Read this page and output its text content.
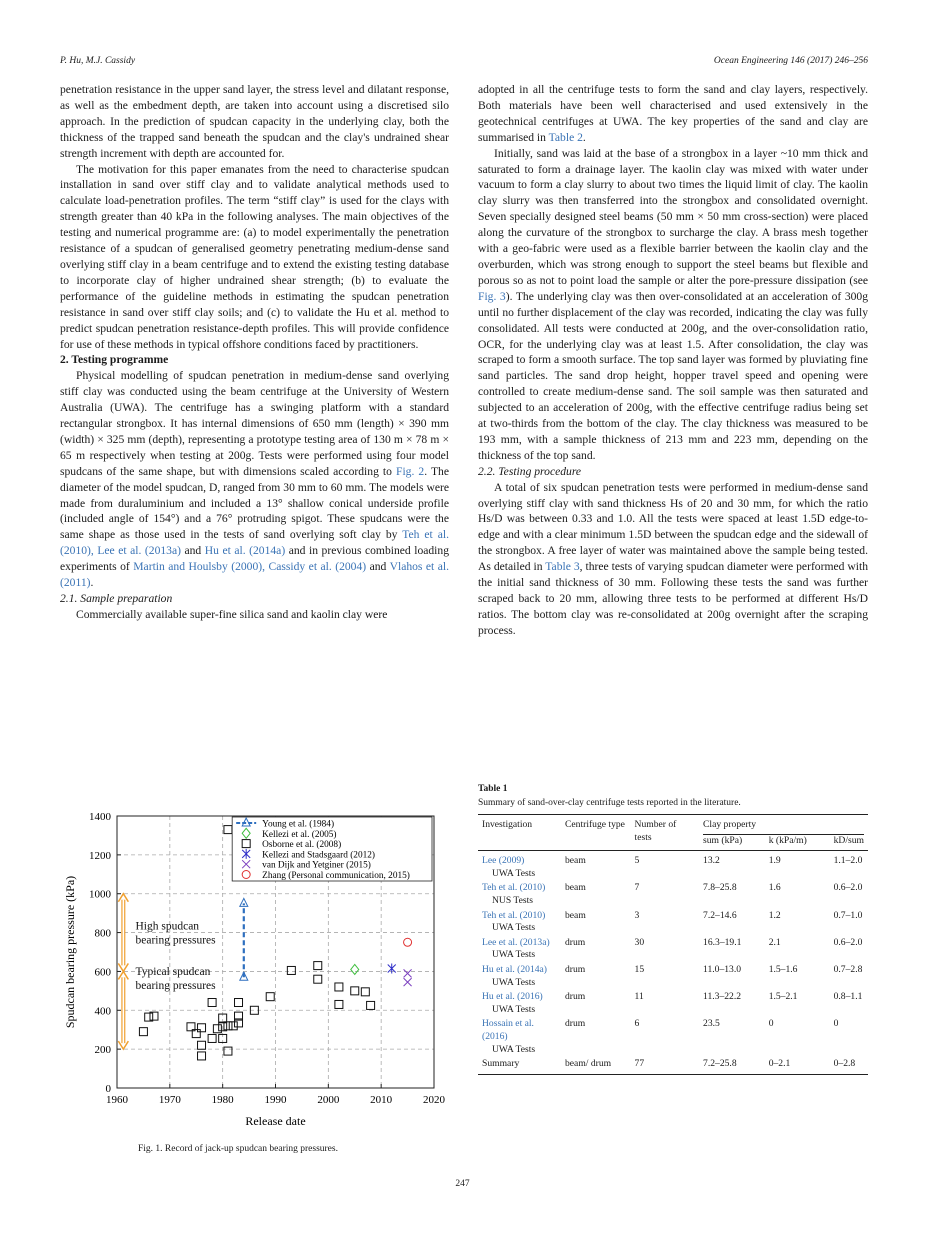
P. Hu, M.J. Cassidy	Ocean Engineering 146 (2017) 246–256

penetration resistance in the upper sand layer, the stress level and dilatant response, as well as the embedment depth, are taken into account using a discretised silo approach. In the prediction of spudcan capacity in the underlying clay, both the thickness of the trapped sand beneath the spudcan and the clay's undrained shear strength increment with depth are accounted for.

The motivation for this paper emanates from the need to characterise spudcan installation in sand over stiff clay and to validate analytical methods used to calculate load-penetration profiles. The term “stiff clay” is used for the clays with strength greater than 40 kPa in the following analyses. The main objectives of the testing and numerical programme are: (a) to model experimentally the penetration resistance of a spudcan of generalised geometry penetrating medium-dense sand overlying stiff clay in a beam centrifuge and to extend the existing testing database to incorporate clay of higher undrained shear strength; (b) to evaluate the performance of the guideline methods in estimating the spudcan penetration resistance in sand over stiff clay soils; and (c) to validate the Hu et al. method to predict spudcan penetration resistance-depth profiles. This will provide confidence for use of these methods in typical offshore conditions faced by practitioners.

2. Testing programme

Physical modelling of spudcan penetration in medium-dense sand overlying stiff clay was conducted using the beam centrifuge at the University of Western Australia (UWA). The centrifuge has a swinging platform with a standard rectangular strongbox. It has internal dimensions of 650 mm (length) × 390 mm (width) × 325 mm (depth), representing a prototype testing area of 130 m × 78 m × 65 m respectively when testing at 200g. Tests were performed using four model spudcans of the same shape, but with dimensions scaled according to Fig. 2. The diameter of the model spudcan, D, ranged from 30 mm to 60 mm. The models were made from duraluminium and included a 13° shallow conical underside profile (included angle of 154°) and a 76° protruding spigot. These spudcans were the same shape as those used in the tests of sand overlying soft clay by Teh et al. (2010), Lee et al. (2013a) and Hu et al. (2014a) and in previous combined loading experiments of Martin and Houlsby (2000), Cassidy et al. (2004) and Vlahos et al. (2011).

2.1. Sample preparation

Commercially available super-fine silica sand and kaolin clay were

adopted in all the centrifuge tests to form the sand and clay layers, respectively. Both materials have been well characterised and used extensively in the geotechnical centrifuges at UWA. The key properties of the sand and clay are summarised in Table 2.

Initially, sand was laid at the base of a strongbox in a layer ~10 mm thick and saturated to form a drainage layer. The kaolin clay was mixed with water under vacuum to form a clay slurry to about two times the liquid limit of clay. The kaolin clay slurry was then transferred into the strongbox and consolidated overnight. Seven specially designed steel beams (50 mm × 50 mm cross-section) were placed along the curvature of the strongbox to surcharge the clay. A brass mesh together with a geo-fabric were used as a flexible barrier between the kaolin clay and the overburden, which was strong enough to support the steel beams but flexible and porous so as not to point load the sample or alter the pore-pressure dissipation (see Fig. 3). The underlying clay was then over-consolidated at an acceleration of 300g until no further displacement of the clay was recorded, indicating the clay was fully consolidated. All tests were conducted at 200g, and the over-consolidation ratio, OCR, for the underlying clay was at least 1.5. After consolidation, the clay was scraped to form a smooth surface. The top sand layer was formed by pluviating fine sand particles. The sand drop height, hopper travel speed and opening were controlled to create medium-dense sand. The soil sample was then saturated and subjected to an acceleration of 200g, with the effective centrifuge radius being set at two-thirds from the bottom of the clay. The clay thickness was measured to be 193 mm, with a sample thickness of 213 mm and 223 mm, depending on the thickness of the top sand.

2.2. Testing procedure

A total of six spudcan penetration tests were performed in medium-dense sand overlying stiff clay with sand thickness Hs of 20 and 30 mm, for which the ratio Hs/D was between 0.33 and 1.0. All the tests were spaced at least 1.5D edge-to-edge and with a clear minimum 1.5D between the spudcan edge and the sidewall of the strongbox. A free layer of water was maintained above the sample being tested. As detailed in Table 3, three tests of varying spudcan diameter were performed with the initial sand thickness of 30 mm. Following these tests the sand was further scraped back to 20 mm, allowing three tests to be performed at different Hs/D ratios. The bottom clay was re-consolidated at 200g overnight after the scraping process.

1960	1970	1980	1990	2000	2010	2020
0
200
400
600
800
1000
1200
1400
Release date
Spudcan bearing pressure (kPa)	High spudcan bearing pressures
Typical spudcan bearing pressures
Young et al. (1984)
Kellezi et al. (2005)
Osborne et al. (2008)
Kellezi and Stadsgaard (2012)
van Dijk and Yetginer (2015)
Zhang (Personal communication, 2015)
Fig. 1. Record of jack-up spudcan bearing pressures.
Table 1
Summary of sand-over-clay centrifuge tests reported in the literature.
Investigation	Centrifuge type	Number of tests	Clay property		

			sum (kPa)	k (kPa/m)	kD/sum
Lee (2009)
UWA Tests	beam	5	13.2	1.9	1.1–2.0
Teh et al. (2010)
NUS Tests	beam	7	7.8–25.8	1.6	0.6–2.0
Teh et al. (2010)
UWA Tests	beam	3	7.2–14.6	1.2	0.7–1.0
Lee et al. (2013a)
UWA Tests	drum	30	16.3–19.1	2.1	0.6–2.0
Hu et al. (2014a)
UWA Tests	drum	15	11.0–13.0	1.5–1.6	0.7–2.8
Hu et al. (2016)
UWA Tests	drum	11	11.3–22.2	1.5–2.1	0.8–1.1
Hossain et al. (2016)
UWA Tests	drum	6	23.5	0	0
Summary	beam/ drum	77	7.2–25.8	0–2.1	0–2.8
247
